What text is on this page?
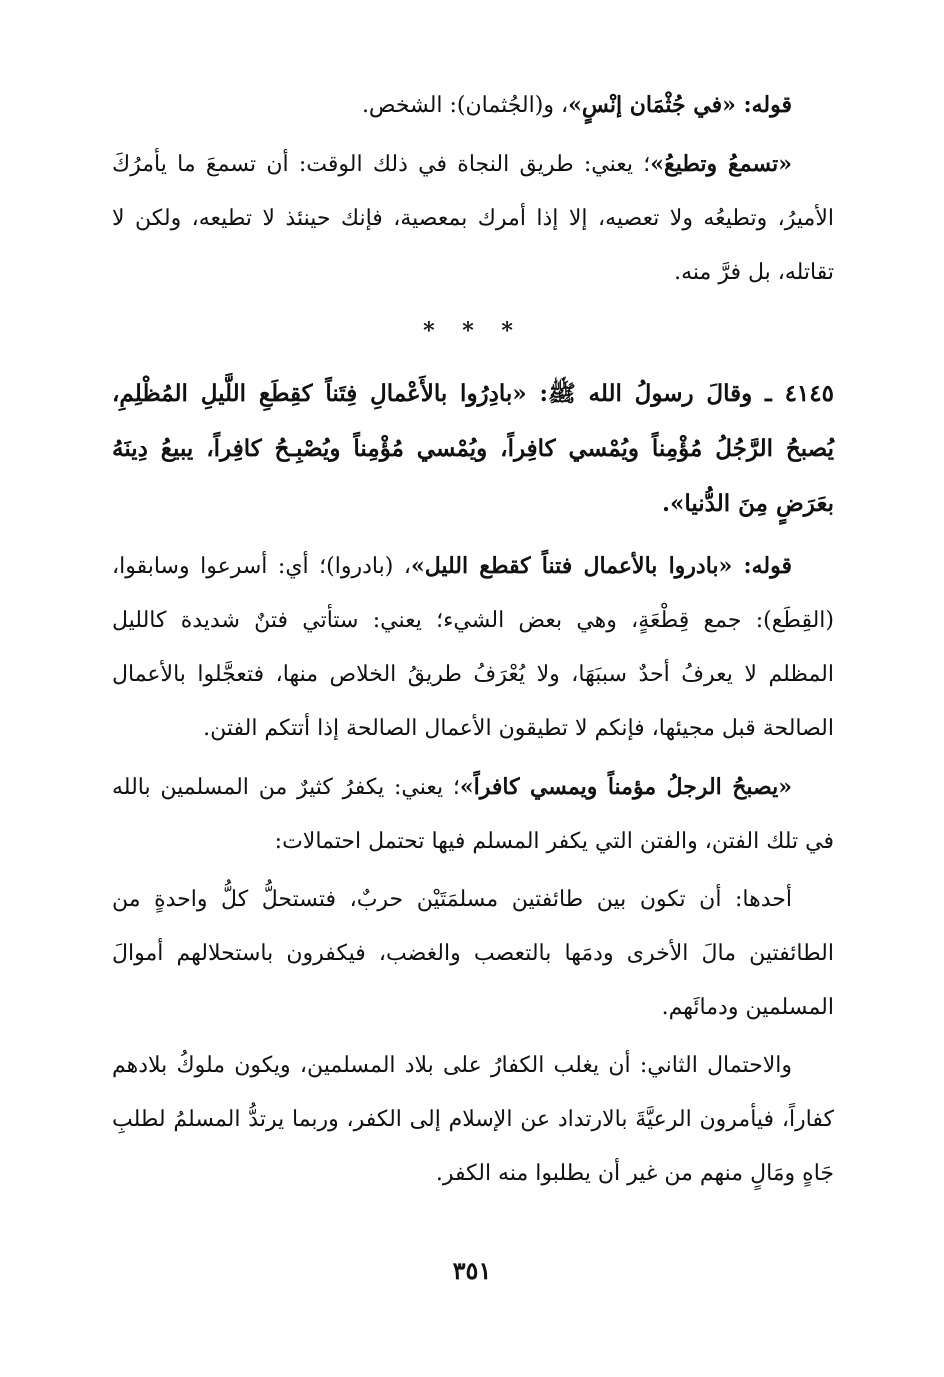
قوله: «في جُثْمَان إنْسٍ»، و(الجُثمان): الشخص.

«تسمعُ وتطيعُ»؛ يعني: طريق النجاة في ذلك الوقت: أن تسمعَ ما يأمرُكَ الأميرُ، وتطيعُه ولا تعصيه، إلا إذا أمرك بمعصية، فإنك حينئذ لا تطيعه، ولكن لا تقاتله، بل فرَّ منه.

* * *

٤١٤٥ ـ وقالَ رسولُ الله ﷺ: «بادِرُوا بالأَعْمالِ فِتَناً كقِطَعِ اللَّيلِ المُظْلِمِ، يُصبحُ الرَّجُلُ مُؤْمِناً ويُمْسي كافِراً، ويُمْسي مُؤْمِناً ويُصْبِـحُ كافِراً، يبيعُ دِينَهُ بعَرَضٍ مِنَ الدُّنيا».

قوله: «بادروا بالأعمال فتناً كقطع الليل»، (بادروا)؛ أي: أسرعوا وسابقوا، (القِطَع): جمع قِطْعَةٍ، وهي بعض الشيء؛ يعني: ستأتي فتنٌ شديدة كالليل المظلم لا يعرفُ أحدٌ سببَهَا، ولا يُعْرَفُ طريقُ الخلاص منها، فتعجَّلوا بالأعمال الصالحة قبل مجيئها، فإنكم لا تطيقون الأعمال الصالحة إذا أتتكم الفتن.

«يصبحُ الرجلُ مؤمناً ويمسي كافراً»؛ يعني: يكفرُ كثيرٌ من المسلمين بالله في تلك الفتن، والفتن التي يكفر المسلم فيها تحتمل احتمالات:

أحدها: أن تكون بين طائفتين مسلمَتَيْن حربٌ، فتستحلُّ كلُّ واحدةٍ من الطائفتين مالَ الأخرى ودمَها بالتعصب والغضب، فيكفرون باستحلالهم أموالَ المسلمين ودمائَهم.

والاحتمال الثاني: أن يغلب الكفارُ على بلاد المسلمين، ويكون ملوكُ بلادهم كفاراً، فيأمرون الرعيَّةَ بالارتداد عن الإسلام إلى الكفر، وربما يرتدُّ المسلمُ لطلبِ جَاهٍ ومَالٍ منهم من غير أن يطلبوا منه الكفر.

٣٥١
